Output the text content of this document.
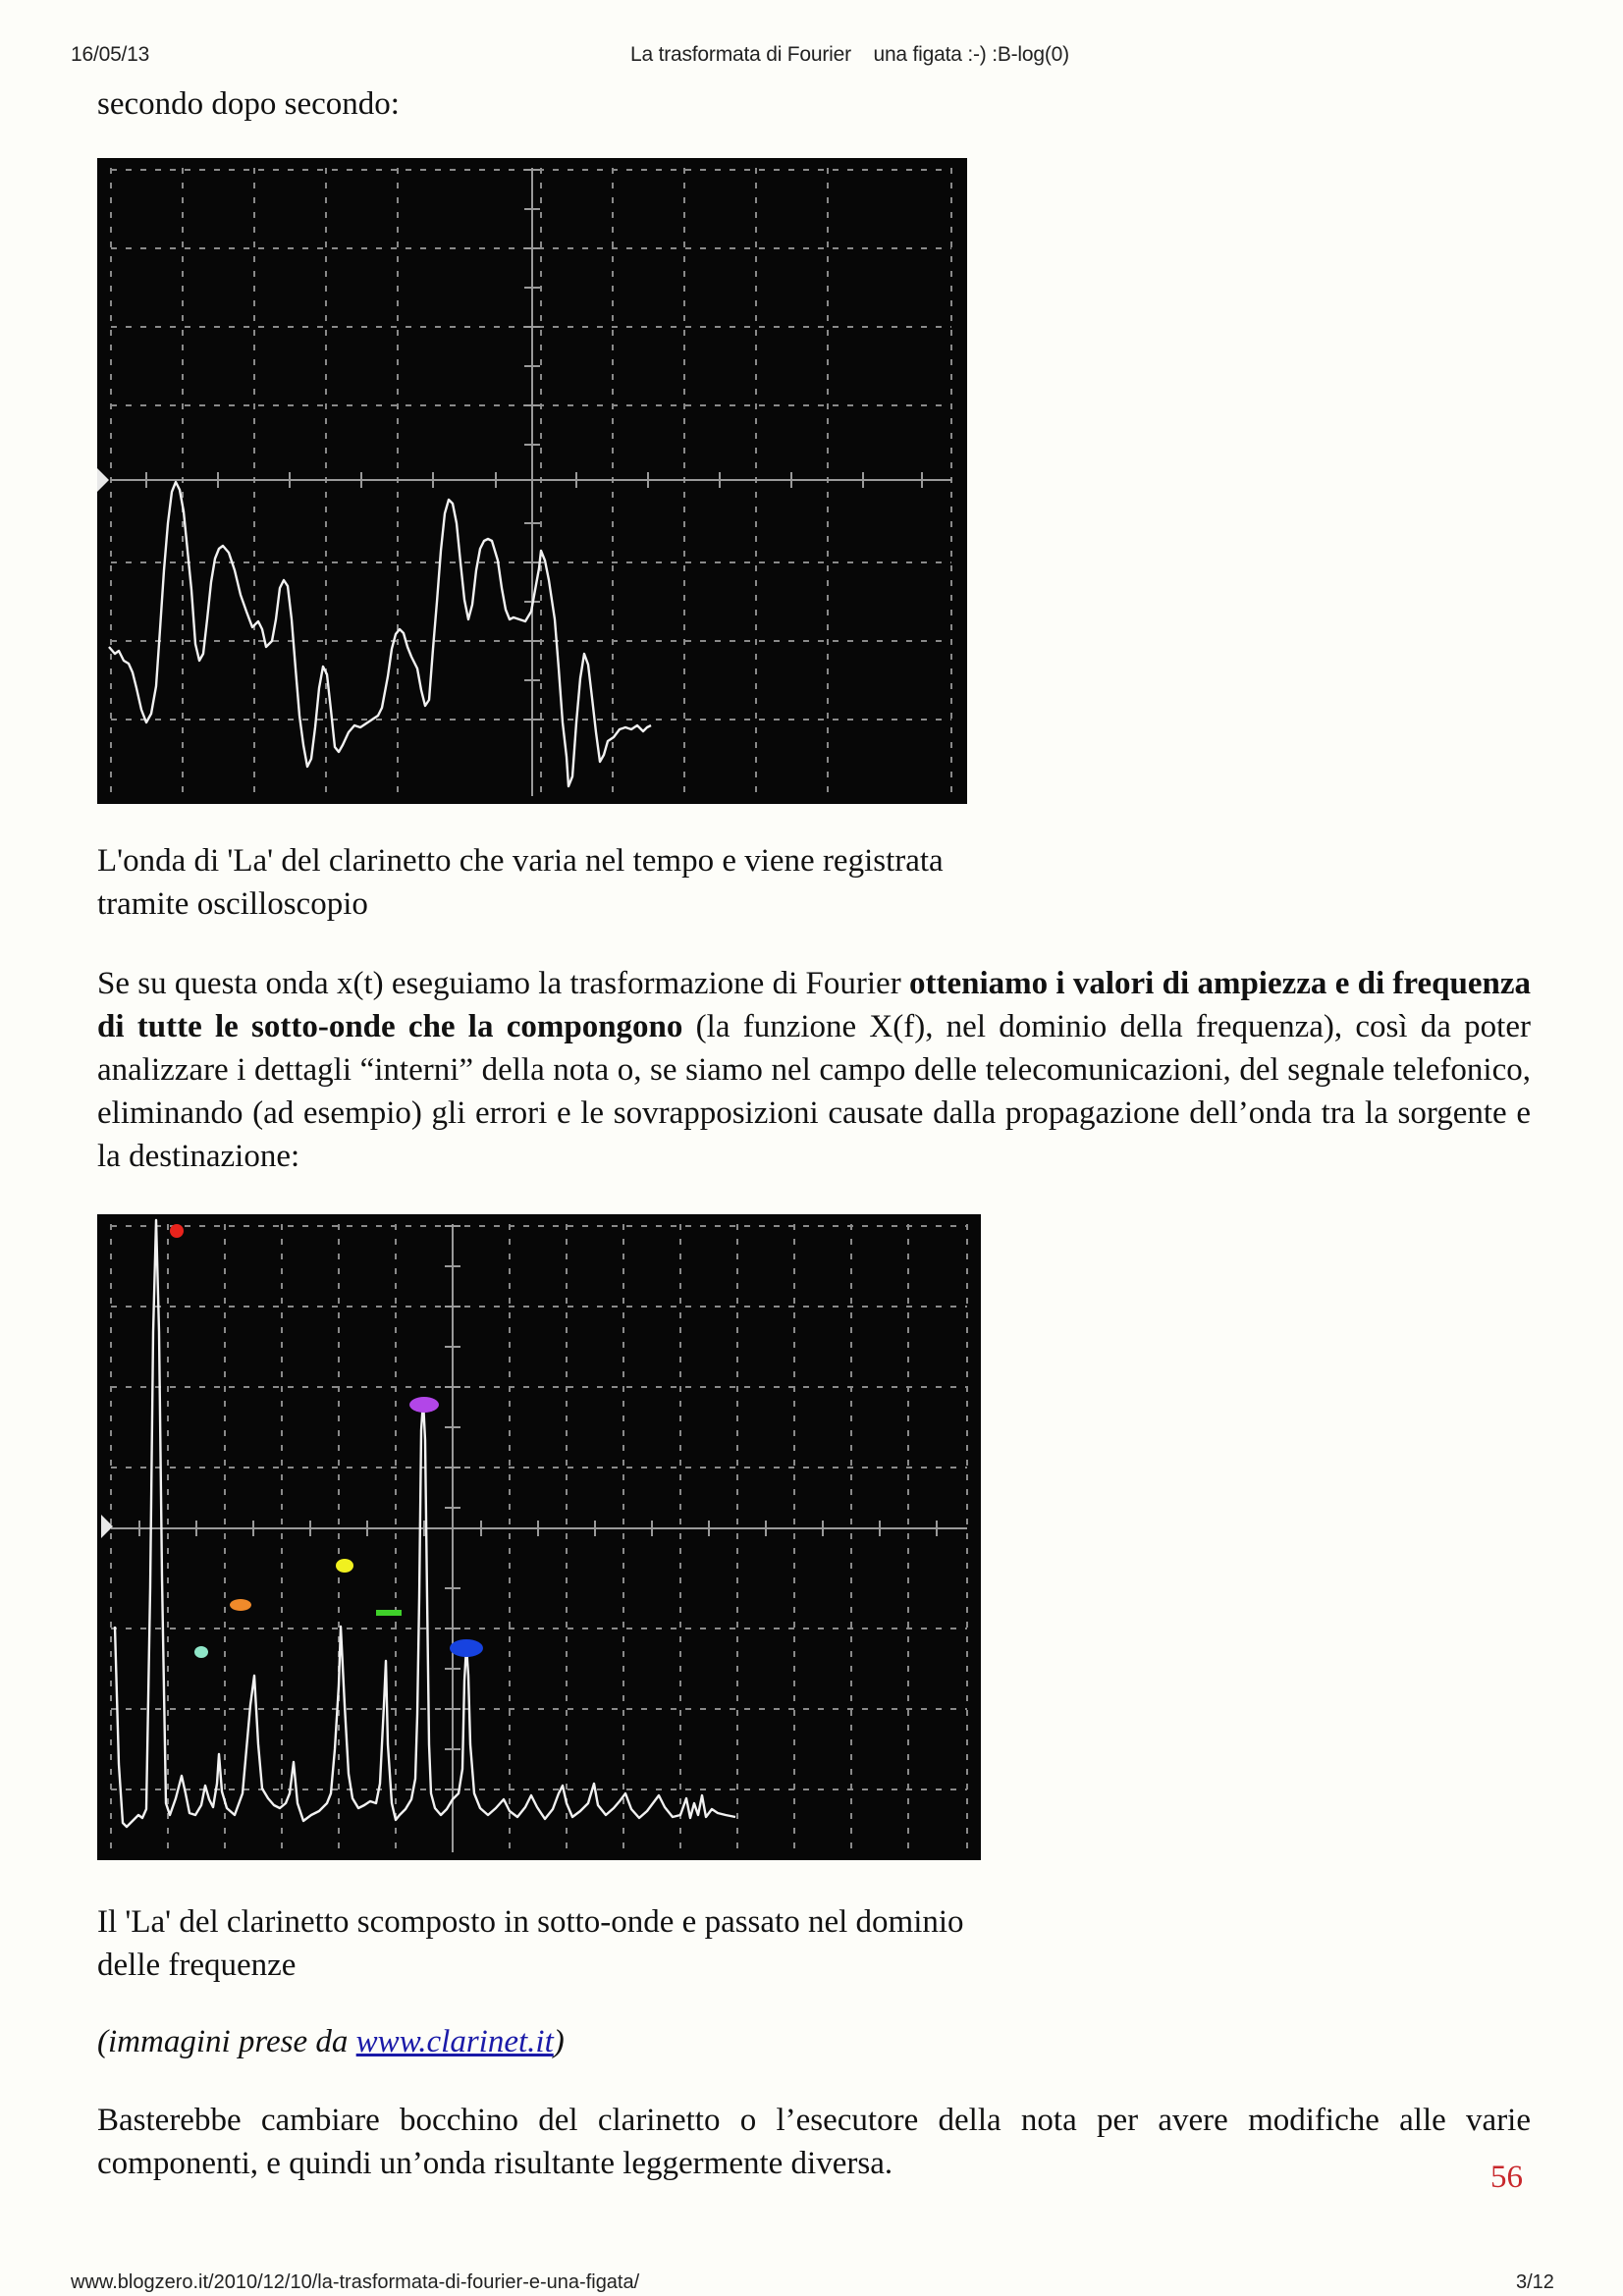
16/05/13	La trasformata di Fourier    una figata :-) :B-log(0)
secondo dopo secondo:
L'onda di 'La' del clarinetto che varia nel tempo e viene registrata
tramite oscilloscopio
Se su questa onda x(t) eseguiamo la trasformazione di Fourier otteniamo i valori di ampiezza e di frequenza di tutte le sotto-onde che la compongono (la funzione X(f), nel dominio della frequenza), così da poter analizzare i dettagli “interni” della nota o, se siamo nel campo delle telecomunicazioni, del segnale telefonico, eliminando (ad esempio) gli errori e le sovrapposizioni causate dalla propagazione dell’onda tra la sorgente e la destinazione:
Il 'La' del clarinetto scomposto in sotto-onde e passato nel dominio
delle frequenze
(immagini prese da www.clarinet.it)
Basterebbe cambiare bocchino del clarinetto o l’esecutore della nota per avere modifiche alle varie componenti, e quindi un’onda risultante leggermente diversa.	56
www.blogzero.it/2010/12/10/la-trasformata-di-fourier-e-una-figata/	3/12
